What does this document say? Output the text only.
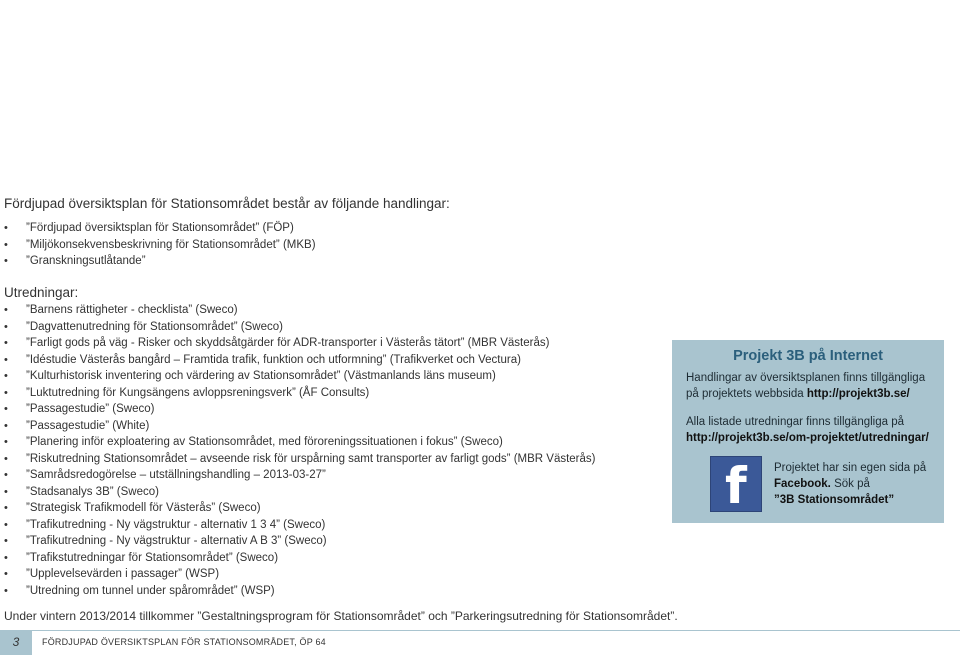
Fördjupad översiktsplan för Stationsområdet består av följande handlingar:
• ”Fördjupad översiktsplan för Stationsområdet” (FÖP)
• ”Miljökonsekvensbeskrivning för Stationsområdet” (MKB)
• ”Granskningsutlåtande”
Utredningar:
• ”Barnens rättigheter - checklista” (Sweco)
• ”Dagvattenutredning för Stationsområdet” (Sweco)
• ”Farligt gods på väg - Risker och skyddsåtgärder för ADR-transporter i Västerås tätort” (MBR Västerås)
• ”Idéstudie Västerås bangård – Framtida trafik, funktion och utformning” (Trafikverket och Vectura)
• ”Kulturhistorisk inventering och värdering av Stationsområdet” (Västmanlands läns museum)
• ”Luktutredning för Kungsängens avloppsreningsverk” (ÅF Consults)
• ”Passagestudie” (Sweco)
• ”Passagestudie” (White)
• ”Planering inför exploatering av Stationsområdet, med föroreningssituationen i fokus” (Sweco)
• ”Riskutredning Stationsområdet – avseende risk för urspårning samt transporter av farligt gods” (MBR Västerås)
• ”Samrådsredogörelse – utställningshandling – 2013-03-27”
• ”Stadsanalys 3B” (Sweco)
• ”Strategisk Trafikmodell för Västerås” (Sweco)
• ”Trafikutredning - Ny vägstruktur - alternativ 1 3 4” (Sweco)
• ”Trafikutredning - Ny vägstruktur - alternativ A B 3” (Sweco)
• ”Trafikstutredningar för Stationsområdet” (Sweco)
• ”Upplevelsevärden i passager” (WSP)
• ”Utredning om tunnel under spårområdet” (WSP)
Under vintern 2013/2014 tillkommer ”Gestaltningsprogram för Stationsområdet” och ”Parkeringsutredning för Stationsområdet”.
Projekt 3B på Internet

Handlingar av översiktsplanen finns tillgängliga på projektets webbsida http://projekt3b.se/

Alla listade utredningar finns tillgängliga på http://projekt3b.se/om-projektet/utredningar/

f Projektet har sin egen sida på Facebook. Sök på
”3B Stationsområdet”

3	FÖRDJUPAD ÖVERSIKTSPLAN FÖR STATIONSOMRÅDET, ÖP 64
